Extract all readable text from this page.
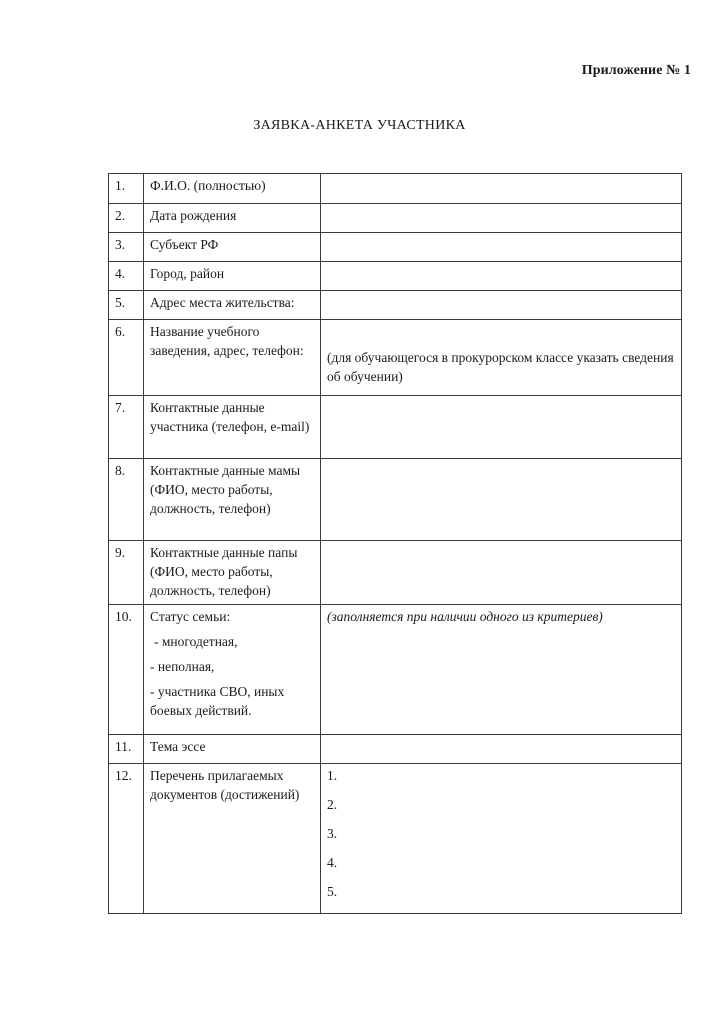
Приложение № 1
ЗАЯВКА-АНКЕТА УЧАСТНИКА
1.	Ф.И.О. (полностью)	
2.	Дата рождения	
3.	Субъект РФ	
4.	Город, район	
5.	Адрес места жительства:	
6.	Название учебного заведения, адрес, телефон:	(для обучающегося в прокурорском классе указать сведения об обучении)

7.	Контактные данные участника (телефон, e-mail)	
8.	Контактные данные мамы (ФИО, место работы, должность, телефон)	
9.	Контактные данные папы (ФИО, место работы, должность, телефон)	
10.	Статус семьи:
- многодетная,
- неполная,
- участника СВО, иных боевых действий.	(заполняется при наличии одного из критериев)
11.	Тема эссе	
12.	Перечень прилагаемых документов (достижений)	1.
2.
3.
4.
5.
